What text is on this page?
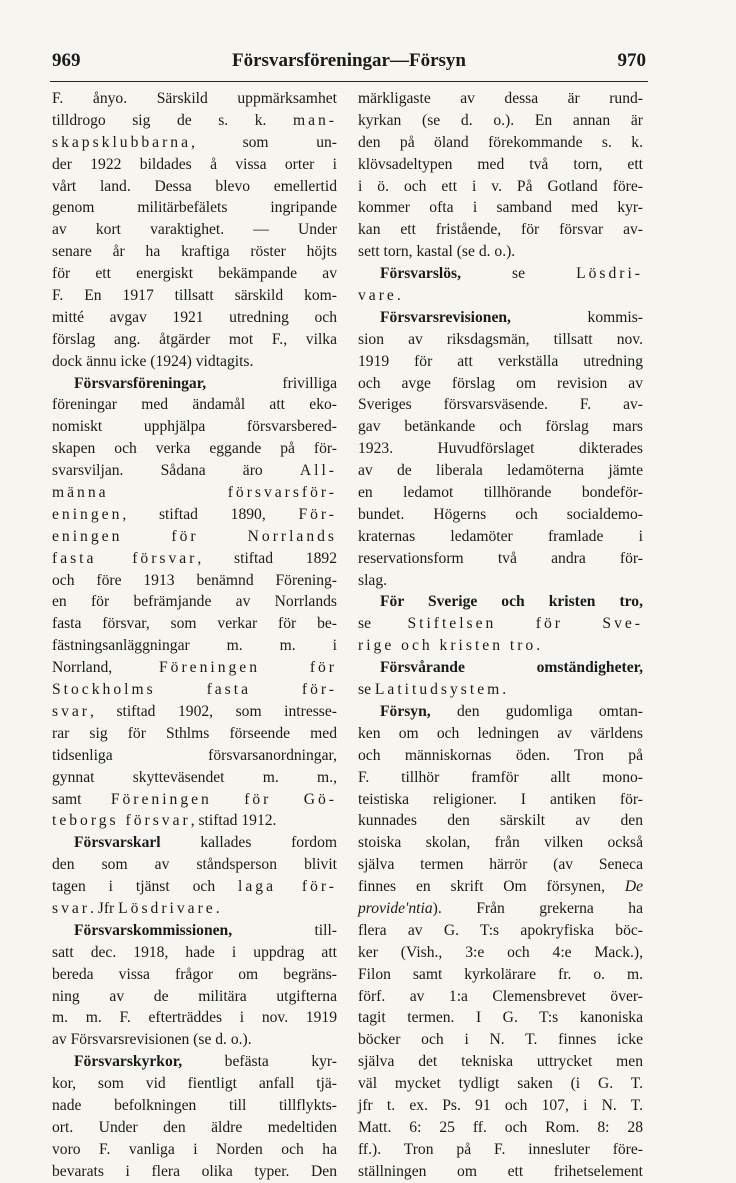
969	Försvarsföreningar—Försyn	970
F. ånyo. Särskild uppmärksamhet
tilldrogo sig de s. k. man-
skapsklubbarna, som un-
der 1922 bildades å vissa orter i
vårt land. Dessa blevo emellertid
genom militärbefälets ingripande
av kort varaktighet. — Under
senare år ha kraftiga röster höjts
för ett energiskt bekämpande av
F. En 1917 tillsatt särskild kom-
mitté avgav 1921 utredning och
förslag ang. åtgärder mot F., vilka
dock ännu icke (1924) vidtagits.
Försvarsföreningar, frivilliga
föreningar med ändamål att eko-
nomiskt upphjälpa försvarsbered-
skapen och verka eggande på för-
svarsviljan. Sådana äro All-
männa försvarsför-
eningen, stiftad 1890, För-
eningen för Norrlands
fasta försvar, stiftad 1892
och före 1913 benämnd Förening-
en för befrämjande av Norrlands
fasta försvar, som verkar för be-
fästningsanläggningar m. m. i
Norrland, Föreningen för
Stockholms fasta för-
svar, stiftad 1902, som intresse-
rar sig för Sthlms förseende med
tidsenliga försvarsanordningar,
gynnat skytteväsendet m. m.,
samt Föreningen för Gö-
teborgs försvar, stiftad 1912.
Försvarskarl kallades fordom
den som av ståndsperson blivit
tagen i tjänst och laga för-
svar. Jfr Lösdrivare.
Försvarskommissionen, till-
satt dec. 1918, hade i uppdrag att
bereda vissa frågor om begräns-
ning av de militära utgifterna
m. m. F. efterträddes i nov. 1919
av Försvarsrevisionen (se d. o.).
Försvarskyrkor, befästa kyr-
kor, som vid fientligt anfall tjä-
nade befolkningen till tillflykts-
ort. Under den äldre medeltiden
voro F. vanliga i Norden och ha
bevarats i flera olika typer. Den
märkligaste av dessa är rund-
kyrkan (se d. o.). En annan är
den på öland förekommande s. k.
klövsadeltypen med två torn, ett
i ö. och ett i v. På Gotland före-
kommer ofta i samband med kyr-
kan ett fristående, för försvar av-
sett torn, kastal (se d. o.).
Försvarslös, se Lösdri-
vare.
Försvarsrevisionen, kommis-
sion av riksdagsmän, tillsatt nov.
1919 för att verkställa utredning
och avge förslag om revision av
Sveriges försvarsväsende. F. av-
gav betänkande och förslag mars
1923. Huvudförslaget dikterades
av de liberala ledamöterna jämte
en ledamot tillhörande bondeför-
bundet. Högerns och socialdemo-
kraternas ledamöter framlade i
reservationsform två andra för-
slag.
För Sverige och kristen tro,
se Stiftelsen för Sve-
rige och kristen tro.
Försvårande omständigheter,
se Latitudsystem.
Försyn, den gudomliga omtan-
ken om och ledningen av världens
och människornas öden. Tron på
F. tillhör framför allt mono-
teistiska religioner. I antiken för-
kunnades den särskilt av den
stoiska skolan, från vilken också
själva termen härrör (av Seneca
finnes en skrift Om försynen, De
provide'ntia). Från grekerna ha
flera av G. T:s apokryfiska böc-
ker (Vish., 3:e och 4:e Mack.),
Filon samt kyrkolärare fr. o. m.
förf. av 1:a Clemensbrevet över-
tagit termen. I G. T:s kanoniska
böcker och i N. T. finnes icke
själva det tekniska uttrycket men
väl mycket tydligt saken (i G. T.
jfr t. ex. Ps. 91 och 107, i N. T.
Matt. 6: 25 ff. och Rom. 8: 28
ff.). Tron på F. innesluter före-
ställningen om ett frihetselement
